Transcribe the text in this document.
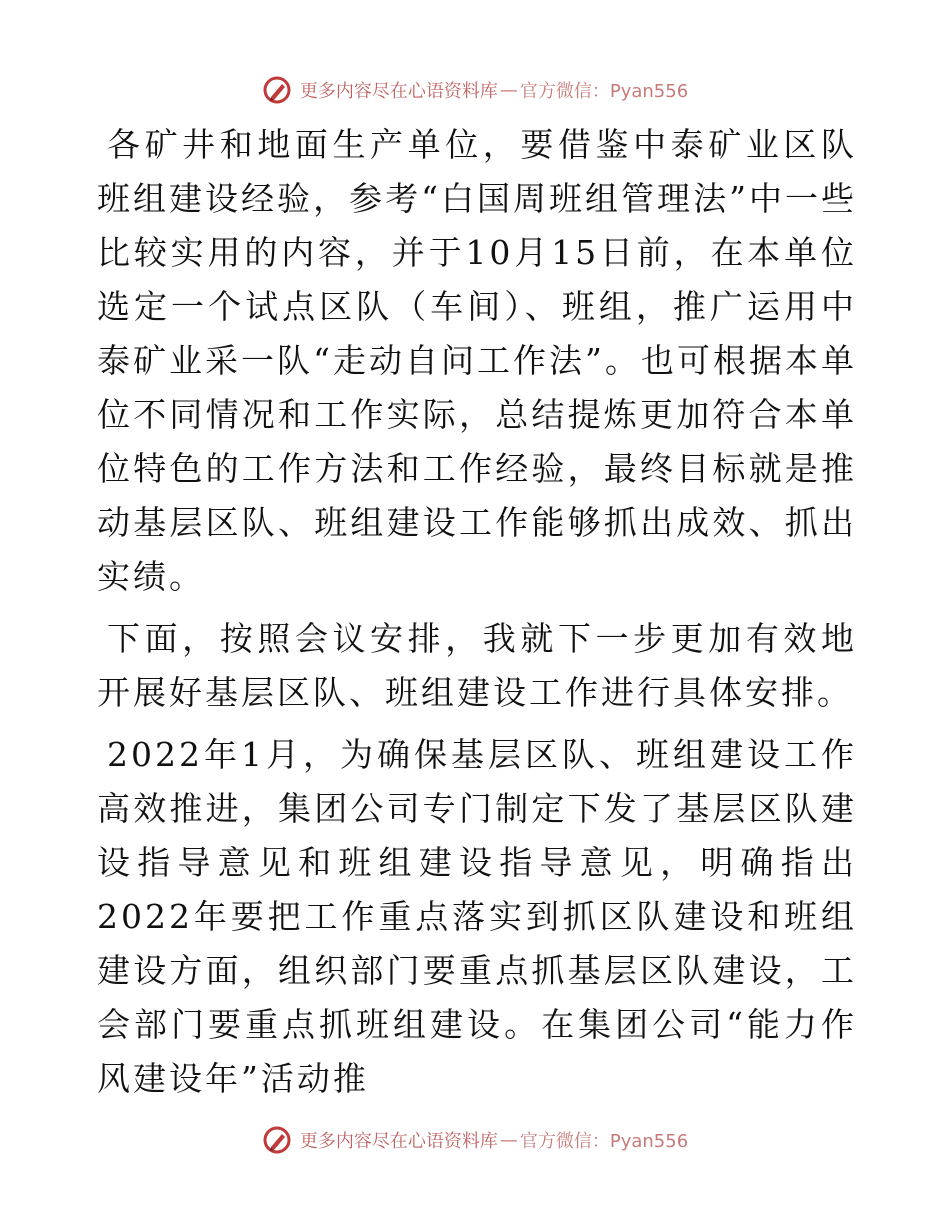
更多内容尽在心语资料库 — 官方微信：Pyan556

各矿井和地面生产单位，要借鉴中泰矿业区队班组建设经验，参考“白国周班组管理法”中一些比较实用的内容，并于10月15日前，在本单位选定一个试点区队（车间）、班组，推广运用中泰矿业采一队“走动自问工作法”。也可根据本单位不同情况和工作实际，总结提炼更加符合本单位特色的工作方法和工作经验，最终目标就是推动基层区队、班组建设工作能够抓出成效、抓出实绩。

下面，按照会议安排，我就下一步更加有效地开展好基层区队、班组建设工作进行具体安排。

2022年1月，为确保基层区队、班组建设工作高效推进，集团公司专门制定下发了基层区队建设指导意见和班组建设指导意见，明确指出2022年要把工作重点落实到抓区队建设和班组建设方面，组织部门要重点抓基层区队建设，工会部门要重点抓班组建设。在集团公司“能力作风建设年”活动推

更多内容尽在心语资料库 — 官方微信：Pyan556
